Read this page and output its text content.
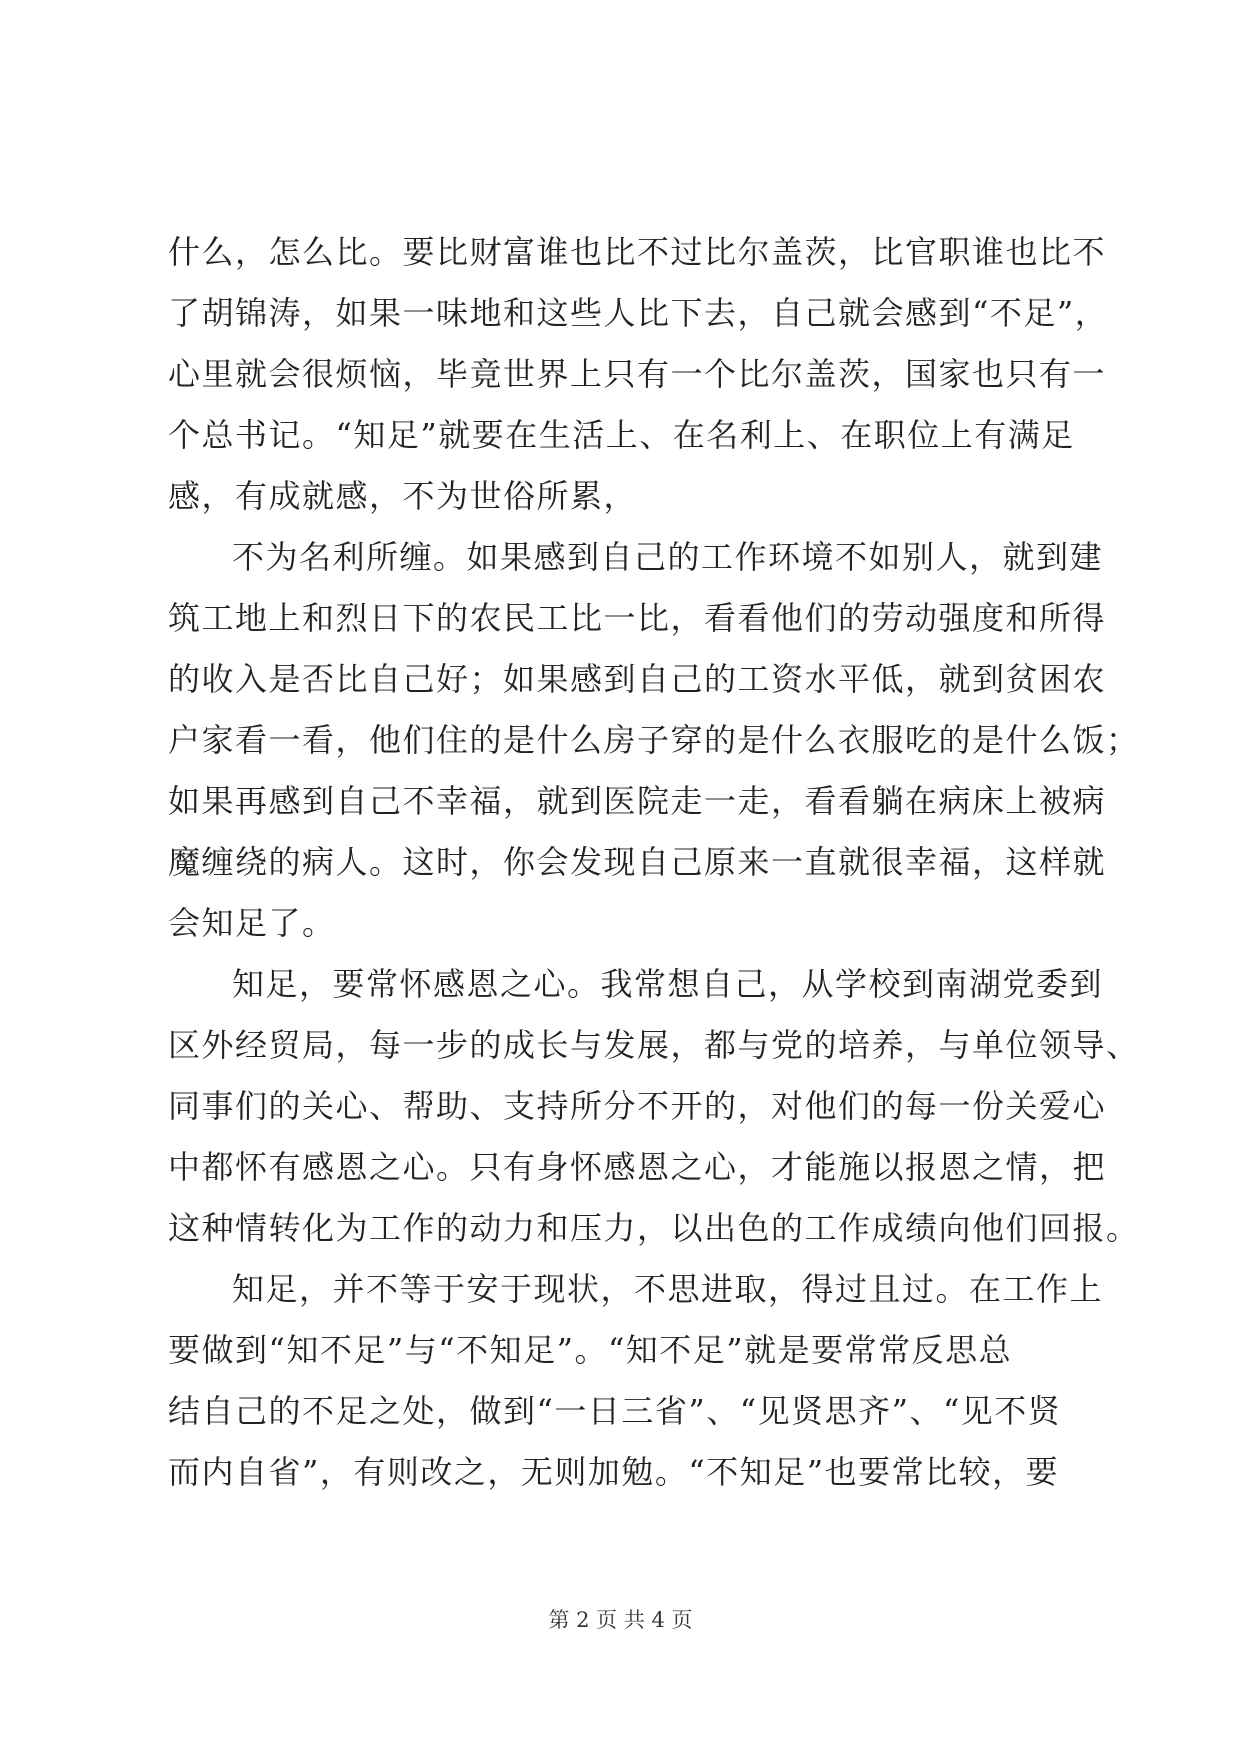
什么，怎么比。要比财富谁也比不过比尔盖茨，比官职谁也比不
了胡锦涛，如果一味地和这些人比下去，自己就会感到“不足”，
心里就会很烦恼，毕竟世界上只有一个比尔盖茨，国家也只有一
个总书记。“知足”就要在生活上、在名利上、在职位上有满足
感，有成就感，不为世俗所累，
不为名利所缠。如果感到自己的工作环境不如别人，就到建
筑工地上和烈日下的农民工比一比，看看他们的劳动强度和所得
的收入是否比自己好；如果感到自己的工资水平低，就到贫困农
户家看一看，他们住的是什么房子穿的是什么衣服吃的是什么饭；
如果再感到自己不幸福，就到医院走一走，看看躺在病床上被病
魔缠绕的病人。这时，你会发现自己原来一直就很幸福，这样就
会知足了。
知足，要常怀感恩之心。我常想自己，从学校到南湖党委到
区外经贸局，每一步的成长与发展，都与党的培养，与单位领导、
同事们的关心、帮助、支持所分不开的，对他们的每一份关爱心
中都怀有感恩之心。只有身怀感恩之心，才能施以报恩之情，把
这种情转化为工作的动力和压力，以出色的工作成绩向他们回报。
知足，并不等于安于现状，不思进取，得过且过。在工作上
要做到“知不足”与“不知足”。“知不足”就是要常常反思总
结自己的不足之处，做到“一日三省”、“见贤思齐”、“见不贤
而内自省”，有则改之，无则加勉。“不知足”也要常比较，要
第 2 页 共 4 页
